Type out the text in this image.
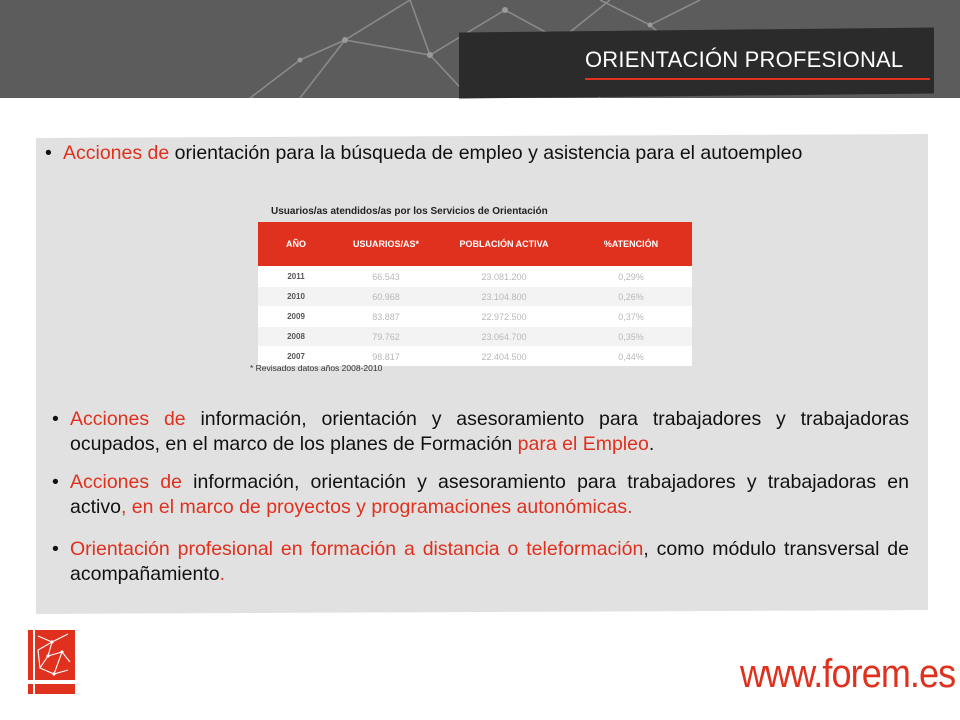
ORIENTACIÓN PROFESIONAL
• Acciones de orientación para la búsqueda de empleo y asistencia para el autoempleo
Usuarios/as atendidos/as por los Servicios de Orientación
AÑO	USUARIOS/AS*	POBLACIÓN ACTIVA	%ATENCIÓN
2011	66.543	23.081.200	0,29%
2010	60.968	23.104.800	0,26%
2009	83.887	22.972.500	0,37%
2008	79.762	23.064.700	0,35%
2007	98.817	22.404.500	0,44%
* Revisados datos años 2008-2010
• Acciones de información, orientación y asesoramiento para trabajadores y trabajadoras ocupados, en el marco de los planes de Formación para el Empleo.
• Acciones de información, orientación y asesoramiento para trabajadores y trabajadoras en activo, en el marco de proyectos y programaciones autonómicas.
• Orientación profesional en formación a distancia o teleformación, como módulo transversal de acompañamiento.
www.forem.es
